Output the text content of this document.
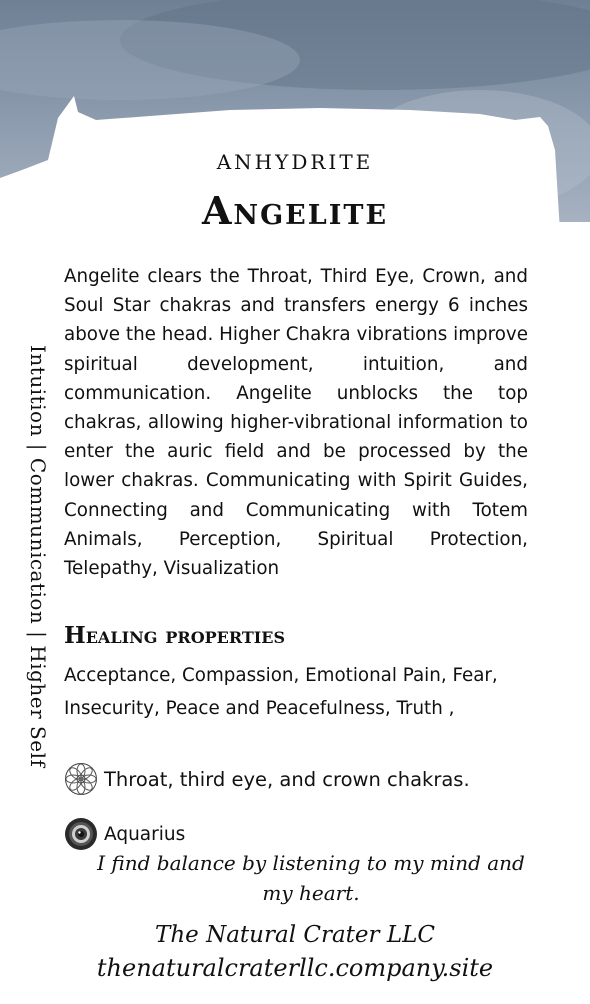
ANHYDRITE
Angelite
Intuition | Communication | Higher Self
Angelite clears the Throat, Third Eye, Crown, and Soul Star chakras and transfers energy 6 inches above the head. Higher Chakra vibrations improve spiritual development, intuition, and communication. Angelite unblocks the top chakras, allowing higher-vibrational information to enter the auric field and be processed by the lower chakras. Communicating with Spirit Guides, Connecting and Communicating with Totem Animals, Perception, Spiritual Protection, Telepathy, Visualization
Healing properties
Acceptance, Compassion, Emotional Pain, Fear, Insecurity, Peace and Peacefulness, Truth ,
Throat, third eye, and crown chakras.
Aquarius
I find balance by listening to my mind and my heart.
The Natural Crater LLC
thenaturalcraterllc.company.site
